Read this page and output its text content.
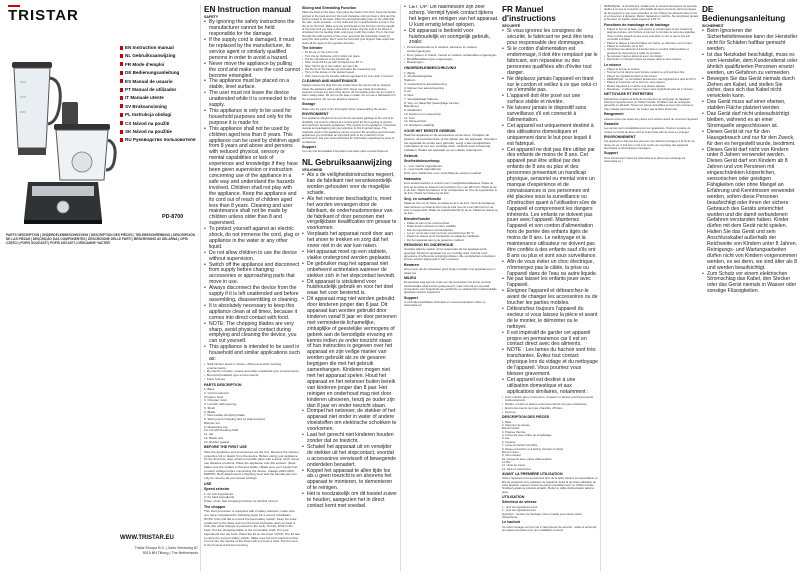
TRISTAR
EN Instruction manual
NL Gebruiksaanwijzing
FR Mode d'emploi
DE Bedienungsanleitung
ES Manual de usuario
PT Manual de utilizador
IT Manuale utente
SV Bruksanvisning
PL Instrukcja obsługi
CS Návod na použití
SK Návod na použitie
RU Руководство пользователя
PD-8700
PARTS DESCRIPTION | ONDERDELENBESCHRIJVING | DESCRIPTION DES PIÈCES | TEILEBESCHREIBUNG | DESCRIPCIÓN DE LAS PIEZAS | DESCRIÇÃO DAS COMPONENTES | DESCRIZIONE DELLE PARTI | BESKRIVNING AV DELARNA | OPIS CZĘŚCI | POPIS SOUČÁSTÍ | POPIS SÚČASTÍ | ОПИСАНИЕ ЧАСТЕЙ
WWW.TRISTAR.EU
Tristar Europe B.V. | Jules Verneweg 87
5015 BH Tilburg | The Netherlands
EN Instruction manual
SAFETY
• By ignoring the safety instructions the manufacturer cannot be held responsible for the damage.
• If the supply cord is damaged, it must be replaced by the manufacturer, its service agent or similarly qualified persons in order to avoid a hazard.
• Never move the appliance by pulling the cord and make sure the cord cannot become entangled.
• The appliance must be placed on a stable, level surface.
• The user must not leave the device unattended while it is connected to the supply.
• This appliance is only to be used for household purposes and only for the purpose it is made for.
• This appliance shall not be used by children aged less than 8 years. This appliance can be used by children aged from 8 years and above and persons with reduced physical, sensory or mental capabilities or lack of experience and knowledge if they have been given supervision or instruction concerning use of the appliance in a safe way and understand the hazards involved. Children shall not play with the appliance. Keep the appliance and its cord out of reach of children aged less than 8 years. Cleaning and user maintenance shall not be made by children unless older than 8 and supervised.
• To protect yourself against an electric shock, do not immerse the cord, plug or appliance in the water or any other liquid.
• Do not allow children to use the device without supervision.
• Switch off the appliance and disconnect from supply before changing accessories or approaching parts that move in use.
• Always disconnect the device from the supply if it is left unattended and before assembling, disassembling or cleaning.
• It is absolutely necessary to keep this appliance clean at all times, because it comes into direct contact with food.
• NOTE: The chopping blades are very sharp, avoid physical contact during emptying and cleaning the device, you can cut yourself.
• This appliance is intended to be used in household and similar applications such as:
• Staff kitchen areas in shops, offices and other working environments;
• By clients in hotels, motels and other residential type environments;
• Bed and breakfast type environments;
• Farm houses.
PARTS DESCRIPTION
1. Base
2. Control selector
Chopper bowl
3. Chopper bowl
4. Lid with refill opening
5. Shaft
6. Blade
7. Removable chopping blade
8. Slicing and chopping disc (2 side function)
Blender set
9. Measuring cup
10. Lid with feeding shaft
11. Jar
12. Blade unit
13. Rubber gasket
BEFORE THE FIRST USE

Take the appliance and accessories out the box. Remove the stickers, protective foil or plastic from the device. Before using your appliance for the first time, wipe off all removable parts with a damp cloth. Never use abrasive products. Place the appliance onto the surface. (Note: Make sure the surface is flat and stable.) Make sure your supply has a mains voltage before connecting the device. Voltage 220V-240V, 50/60Hz. Both attachments (chopping bowl and the blender jar) can only be used to all your speed settings.

USE
Speed selector
1: for soft ingredients
2: for hard ingredients
Pulse: short, fast chopping function for all kind of food
The chopper

This food processor is equipped with 2 safety switches; make sure you have completed the following steps for a correct installation. NOTE: First fold flat to unlock the feed safety switch. Keep the bowl positioned to the base and turn the bowl clockwise until you hear a click (the white triangle is pointed to the lock). Put the shaft in the bowl. Put the chopping blade or the removable shaft. Put your ingredients into the bowl. Place the lid on the bowl. NOTE: The lid has to close the second safety switch. Make sure the lid is placed so that it turns into the handle of the bowl until you hear a click. Put the food in the bowl and start processing.

Slicing and Shredding Function

Place the bowl on the base, then place the shaft in the bowl. Keep the handle pointed to the back and turn the bowl clockwise until you hear a click and the bowl is locked to the base. Place the slicing/shredding disc on the shaft with the side - knife upwards - on the shaft and turn it anticlockwise to lock it. Put the lid on the bowl. Make sure the arrowhead on the lid turns into the handle of the bowl until you hear a click and is locked. Put the food to be sliced or shredded into the feeding shaft, and press it with the pusher. Put in the food through the refill opening of the cover, and push the food down slowly by using the food pusher. Don't push the food with your fingers! Take apart and clean all the steps in the opposite direction.

The blender
• Fit the jar on the motor unit.
• Turn the jar clockwise until it clicks into place.
• Put the ingredients in the blender jar.
• Note: Never fill the jar with hot liquid over 80 °C.
• Note: Fill the jar to the marker; jar max 1.5L.
• Put the lid on the blender jar and place the measuring cup.
• Turn on the device on the desired speed.
• Note: Never use the blender without ingredients for more than 2 minutes.
CLEANING AND MAINTENANCE

Always remove the plug from the socket when the device will be cleaned. Clean the appliance with a damp cloth. Never use harsh and abrasive cleaners to clean any part of the device. All removable parts can be rinsed in warm soapy water. Do not put the base in water. Do not use a dishwasher for the accessories. Do not use abrasive cleaners.

Storage

Make sure the parts to dry thoroughly before reassembling the device.

ENVIRONMENT

This appliance should not be put into the domestic garbage at the end of its durability, but must be offered at a central point for the recycling of electric and electronic domestic appliances. This symbol on the appliance, instruction manual and packaging puts your attention to this important issue. The materials used in this appliance can be recycled. By recycling used domestic appliances you contribute an important push to the protection of our environment. Ask your local authorities for information regarding the point of recollection.

Support

You can find all available information and spare parts at www.tristar.eu!

NL Gebruiksaanwijzing
VEILIGHEID
• Als u de veiligheidsinstructies negeert, kan de fabrikant niet verantwoordelijk worden gehouden voor de mogelijke schade.
• Als het netsnoer beschadigd is, moet het worden vervangen door de fabrikant, de onderhoudsmonteur van de fabrikant of door personen met vergelijkbare kwalificaties om gevaar te voorkomen.
• Verplaats het apparaat nooit door aan het snoer te trekken en zorg dat het snoer niet in de war kan raken.
• Het apparaat moet op een stabiele, vlakke ondergrond worden geplaatst.
• De gebruiker mag het apparaat niet onbeheerd achterlaten wanneer de stekker zich in het stopcontact bevindt.
• Dit apparaat is uitsluitend voor huishoudelijk gebruik en voor het doel waar het voor bestemd is.
• Dit apparaat mag niet worden gebruikt door kinderen jonger dan 8 jaar. Dit apparaat kan worden gebruikt door kinderen vanaf 8 jaar en door personen met verminderde lichamelijke, zintuiglijke of geestelijke vermogens of gebrek aan de benodigde ervaring en kennis indien ze onder toezicht staan of hun instructies is gegeven over het apparaat en zijn veilige manier van worden gebruikt als ze de gevaren begrijpen die met het gebruik samenhangen. Kinderen mogen niet met het apparaat spelen. Houd het apparaat en het netsnoer buiten bereik van kinderen jonger dan 8 jaar. Het reinigen en onderhoud mag niet door kinderen uitvoeren, tenzij ze ouder zijn dan 8 jaar en onder toezicht staan.
• Dompel het netsnoer, de stekker of het apparaat niet onder in water of andere vloeistoffen om elektrische schokken te voorkomen.
• Laat het gerecht niet kinderen houden zonder dat ze toezicht.
• Schakel het apparaat uit en verwijder de stekker uit het stopcontact, voordat u accessoires verwisselt of bewegende onderdelen benadert.
• Koppel het apparaat te allen tijde los als u geen toezicht is en alvorens het apparaat te monteren, te demonteren of te reinigen.
• Het is noodzakelijk om dit toestel zuiver te houden, aangezien het in direct contact komt met voedsel.
• LET OP: De hakmessen zijn zeer scherp. Vermijd fysiek contact tijdens het legen en reinigen van het apparaat. U kunt ernstig letsel oplopen.
• Dit apparaat is bedoeld voor huishoudelijk en soortgelijk gebruik, zoals:
• Personeelskeukens in winkels, kantoren en andere werkomgevingen;
• Door gasten in hotels, motels en andere residentiële omgevingen;
• Bed&Breakfast-type omgevingen;
• Boerderijen.
ONDERDELENBESCHRIJVING
1. Basis
2. Snelheidsregelaar
Hakkom
3. Gedeelteloze aanvulopening
4. Deksel met aanvulopening
5. As
6. Mes
7. Verwijderbaar hakmes
8. Snij- en hakschijf (tweezijdige functie)
Blenderset
9. Maatbeker
10. Deksel met vulopening
11. Kan
12. Meseenheid
13. Rubberen pakking
VOOR HET EERSTE GEBRUIK

Haal het apparaat en de accessoires uit de doos. Verwijder de stickers, de beschermfolie of het plastic van het apparaat. Voordat u het apparaat de eerste keer gebruikt, veegt u alle verwijderbare onderdelen af met een vochtige doek. Gebruik nooit schurende middelen. Plaats het apparaat op een vlakke ondergrond.

Gebruik
Snelheidskeuzeknop
1 - voor zachte ingrediënten
2 - voor harde ingrediënten
Puls: kort, hakfunctie voor verschillende soorten voedsel
Hakmolen

Deze keukenmachine is voorzien van 2 veiligheidsschakelaars. Plaats de kom op de basis en draai de kom rechtsom tot u een klik hoort. Plaats de as in de kom. Plaats het hakmes of de verwijderbare as. Doe de ingrediënten in de kom. Plaats het deksel op de kom.

Snij- en schaaffunctie

Plaats de kom op de basis, en plaats de as in de kom. Houd de handgreep naar achteren en draai de kom met de klok mee tot u een klik hoort en de kom is vergrendeld. Plaats de snij/schaafschijf op de as. Plaats het deksel op de kom.

Blender/functie
• Plaats de kan op de motoreenheid.
• Draai de kan rechtsom tot deze vastklikt.
• Doe de ingrediënten in de blenderkan.
• Let op: vul de kan nooit met hete vloeistof boven 80 °C.
• Plaats het deksel op de blenderkan en plaats de maatbeker.
• Zet het apparaat aan op de gewenste snelheid.
REINIGING EN ONDERHOUD

Verwijder altijd de stekker uit het stopcontact als het apparaat wordt gereinigd. Reinig het apparaat met een vochtige doek. Gebruik nooit agressieve of schurende reinigingsmiddelen. Alle verwijderbare onderdelen kunnen worden afgespoeld in warm zeepsop.

Bewaren

Zorg ervoor dat de onderdelen goed drogen voordat u het apparaat weer in elkaar zet.

MILIEU

Dit apparaat mag aan het einde van zijn levensduur niet bij het normale huishoudelijke afval worden gedeponeerd, maar moet bij een speciaal inzamelpunt voor hergebruik van elektrische en elektronische huishoudelijke apparaten worden ingeleverd.

Support

U vindt alle beschikbare informatie en reserveonderdelen online op www.tristar.eu!

FR Manuel d'instructions
SÉCURITÉ
• Si vous ignorez les consignes de sécurité, le fabricant ne peut être tenu pour responsable des dommages.
• Si le cordon d'alimentation est endommagé, il doit être remplacé par le fabricant, son réparateur ou des personnes qualifiées afin d'éviter tout danger.
• Ne déplacez jamais l'appareil en tirant sur le cordon et veillez à ce que celui-ci ne s'emmêle pas.
• L'appareil doit être posé sur une surface stable et nivelée.
• Ne laissez jamais le dispositif sans surveillance s'il est connecté à l'alimentation.
• Cet appareil est uniquement destiné à des utilisations domestiques et uniquement dans le but pour lequel il est fabriqué.
• Cet appareil ne doit pas être utilisé par des enfants de moins de 8 ans. Cet appareil peut être utilisé par des enfants de 8 ans ou plus et des personnes présentant un handicap physique, sensoriel ou mental voire un manque d'expérience et de connaissances si ces personnes ont été placées sous la surveillance ou d'instruction quant à l'utilisation sûre de l'appareil et comprennent les dangers inhérents. Les enfants ne doivent pas jouer avec l'appareil. Maintenez l'appareil et son cordon d'alimentation hors de portée des enfants âgés de moins de 8 ans. Le nettoyage et la maintenance utilisateur ne doivent pas être confiés à des enfants sauf s'ils ont 8 ans ou plus et sont sous surveillance.
• Afin de vous éviter un choc électrique, n'immergez pas le câble, la prise ou l'appareil dans de l'eau ou autre liquide.
• Ne pas laisser les enfants jouer avec l'appareil.
• Éteignez l'appareil et débranchez-le avant de changer les accessoires ou de toucher les parties mobiles.
• Débranchez toujours l'appareil du secteur si vous laissez la pièce et avant de le monter, le démonter ou le nettoyer.
• Il est impératif de garder cet appareil propre en permanence car il est en contact direct avec des aliments.
• NOTE : Les lames du hachoir sont très tranchantes. Évitez tout contact physique lors du vidage et du nettoyage de l'appareil. Vous pourriez vous blesser gravement.
• Cet appareil est destiné à une utilisation domestique et aux applications similaires, notamment :
• Coin cuisine des commerces, bureaux et autres environnements professionnels ;
• Hôtels, motels et autres environnements de type résidentiel ;
• Environnements de type chambre d'hôtes ;
• Fermes.
DESCRIPTION DES PIÈCES
1. Base
2. Sélecteur de vitesse
Bol du hachoir
3. Poignée d'entrée
4. Couvercle avec orifice de remplissage
5. Axe
6. Couteau
7. Lame du hachoir amovible
8. Disque à trancher et à hacher (fonction 2 côtés)
Bol du mixeur
9. Verre doseur
10. Couvercle avec entrée d'alimentation
11. Bol
12. Unité de coupe
13. Joint en caoutchouc
AVANT LA PREMIÈRE UTILISATION

Sortez l'appareil et les accessoires hors de la boîte. Retirez les autocollants, le film de protection ou le plastique de l'appareil. Avant la première utilisation de votre appareil, essuyez toutes les pièces amovibles avec un chiffon humide. N'utilisez jamais de produits abrasifs. Mettez le câble d'alimentation dans la prise.

UTILISATION
Sélecteur de vitesse
1 : pour les ingrédients mous
2 : pour les ingrédients durs
Impulsion : fonction de hachage court et rapide pour toutes sortes d'ingrédients
Le hachoir

Ce robot ménager est muni de 2 interrupteurs de sécurité ; veillez à accomplir les étapes suivantes pour une installation correcte.

REMARQUE : le bol doit être installé pour le second interrupteur de sécurité. Veillez à ce que le couvercle soit installé de façon à tourner dans la poignée du bol jusqu'à ce que vous entendiez un clic. Placez les aliments dans le bol et commencez à préparer. Mettez l'appareil en marche. Ne remplissez jamais le bol avec un liquide chaud supérieur à 80 °C.

Fonctions de tranchage et de hachage
• Placez le bol sur la base, puis placez le conduit dans le bol. Gardez la poignée pointée vers l'arrière et tournez le bol dans le sens des aiguilles d'une montre jusqu'à ce que vous entendiez un clic et que le bol soit verrouillé à la base.
• Placez le disque à trancher/râper sur l'arbre, le côté lame vers le haut.
• Placez le couvercle sur le bol.
• Introduisez les aliments à trancher dans le conduit d'alimentation et poussez-les doucement à l'aide du poussoir.
• Ne poussez pas les aliments avec vos doigts !
• Démontez et nettoyez toutes les étapes dans le sens inverse.
Le mixeur
• Placez le bol sur le moteur.
• Tournez le bol dans le sens horaire jusqu'à ce qu'il soit bien fixé.
• Placez les ingrédients dans le bol mixeur.
• REMARQUE : ne remplissez jamais avec des ingrédients à plus de 80°C.
• Placez le couvercle sur le bol et le verre doseur.
• Mettez l'appareil en marche à la vitesse désirée.
• Remarque : n'utilisez pas le mixeur sans ingrédients plus de 2 minutes.
NETTOYAGE ET ENTRETIEN

Débranchez toujours la fiche de la prise lors du nettoyage de l'appareil. Nettoyez l'appareil avec un chiffon humide. N'utilisez pas de nettoyants agressifs ou abrasifs. Toutes les pièces amovibles peuvent être rincées à l'eau chaude savonneuse. Ne mettez pas la base dans l'eau.

Rangement

Assurez-vous que toutes les pièces sont sèches avant de remonter l'appareil.

Garantie

Les termes sont consultables pour les réparations. Tournez la partie du moteur ou l'unité de lame sous le l'eau froide afin de vous en protéger.

ENVIRONNEMENT

Cet appareil ne doit pas être jeté avec les déchets ménagers à la fin de sa durée de vie. Il doit être remis à un centre de recyclage des appareils électriques et électroniques ménagers.

Support

Vous retrouverez toutes les informations et pièces de rechange sur www.tristar.eu !

DE Bedienungsanleitung
SICHERHEIT
• Beim Ignorieren der Sicherheitshinweise kann der Hersteller nicht für Schäden haftbar gemacht werden.
• Ist das Netzkabel beschädigt, muss es vom Hersteller, dem Kundendienst oder ähnlich qualifizierten Personen ersetzt werden, um Gefahren zu vermeiden.
• Bewegen Sie das Gerät niemals durch Ziehen am Kabel, und stellen Sie sicher, dass sich das Kabel nicht verwickeln kann.
• Das Gerät muss auf einer ebenen, stabilen Fläche platziert werden.
• Das Gerät darf nicht unbeaufsichtigt bleiben, während es an einer Stromquelle angeschlossen ist.
• Dieses Gerät ist nur für den Hausgebrauch und nur für den Zweck, für den es hergestellt wurde, bestimmt.
• Dieses Gerät darf nicht von Kindern unter 8 Jahren verwendet werden. Dieses Gerät darf von Kindern ab 8 Jahren und von Personen mit eingeschränkten körperlichen, sensorischen oder geistigen Fähigkeiten oder ohne Mangel an Erfahrung und Kenntnissen verwendet werden, sofern diese Personen beaufsichtigt oder ihnen der sichere Gebrauch des Geräts unterrichtet wurden und die damit verbundenen Gefahren verstanden haben. Kinder dürfen mit dem Gerät nicht spielen. Halten Sie das Gerät und sein Anschlusskabel außerhalb der Reichweite von Kindern unter 8 Jahren. Reinigungs- und Wartungsarbeiten dürfen nicht von Kindern vorgenommen werden, es sei denn, sie sind älter als 8 und werden beaufsichtigt.
• Zum Schutz vor einem elektrischen Stromschlag das Kabel, den Stecker oder das Gerät niemals in Wasser oder sonstige Flüssigkeiten.
